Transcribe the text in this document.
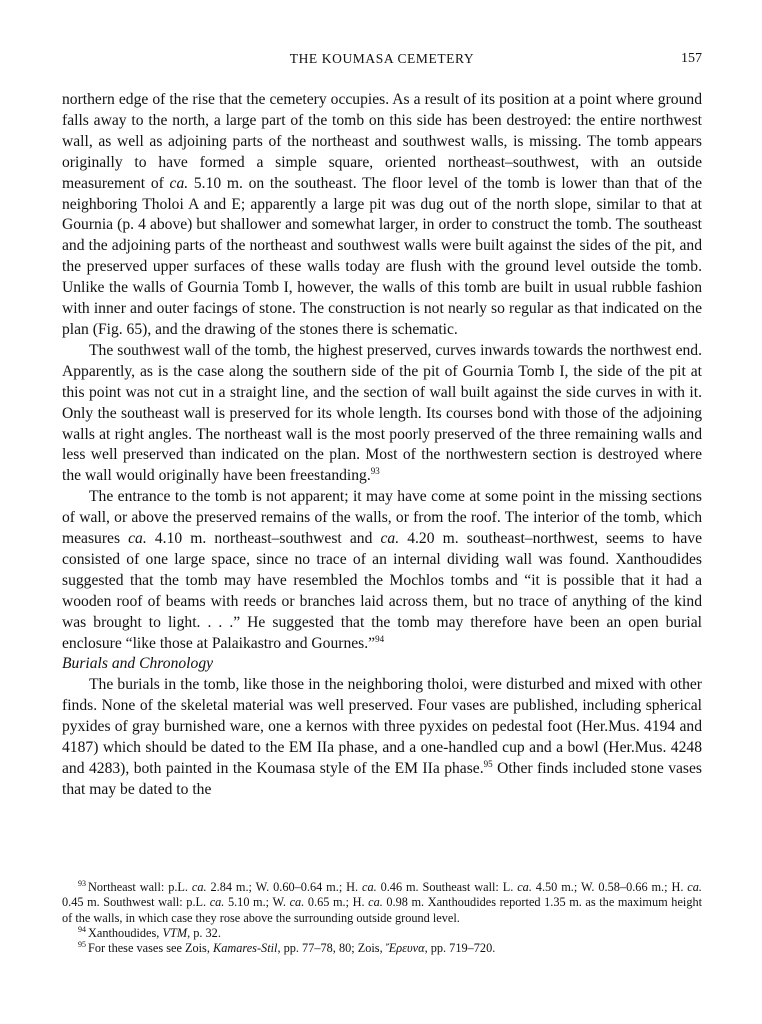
THE KOUMASA CEMETERY	157

northern edge of the rise that the cemetery occupies. As a result of its position at a point where ground falls away to the north, a large part of the tomb on this side has been destroyed: the entire northwest wall, as well as adjoining parts of the northeast and southwest walls, is missing. The tomb appears originally to have formed a simple square, oriented northeast–southwest, with an outside measurement of ca. 5.10 m. on the southeast. The floor level of the tomb is lower than that of the neighboring Tholoi A and E; apparently a large pit was dug out of the north slope, similar to that at Gournia (p. 4 above) but shallower and somewhat larger, in order to construct the tomb. The southeast and the adjoining parts of the northeast and southwest walls were built against the sides of the pit, and the preserved upper surfaces of these walls today are flush with the ground level outside the tomb. Unlike the walls of Gournia Tomb I, however, the walls of this tomb are built in usual rubble fashion with inner and outer facings of stone. The construction is not nearly so regular as that indicated on the plan (Fig. 65), and the drawing of the stones there is schematic.

The southwest wall of the tomb, the highest preserved, curves inwards towards the northwest end. Apparently, as is the case along the southern side of the pit of Gournia Tomb I, the side of the pit at this point was not cut in a straight line, and the section of wall built against the side curves in with it. Only the southeast wall is preserved for its whole length. Its courses bond with those of the adjoining walls at right angles. The northeast wall is the most poorly preserved of the three remaining walls and less well preserved than indicated on the plan. Most of the northwestern section is destroyed where the wall would originally have been freestanding.$^{93}$

The entrance to the tomb is not apparent; it may have come at some point in the missing sections of wall, or above the preserved remains of the walls, or from the roof. The interior of the tomb, which measures ca. 4.10 m. northeast–southwest and ca. 4.20 m. southeast–northwest, seems to have consisted of one large space, since no trace of an internal dividing wall was found. Xanthoudides suggested that the tomb may have resembled the Mochlos tombs and “it is possible that it had a wooden roof of beams with reeds or branches laid across them, but no trace of anything of the kind was brought to light. . . .” He suggested that the tomb may therefore have been an open burial enclosure “like those at Palaikastro and Gournes.”$^{94}$

Burials and Chronology

The burials in the tomb, like those in the neighboring tholoi, were disturbed and mixed with other finds. None of the skeletal material was well preserved. Four vases are published, including spherical pyxides of gray burnished ware, one a kernos with three pyxides on pedestal foot (Her.Mus. 4194 and 4187) which should be dated to the EM IIa phase, and a one-handled cup and a bowl (Her.Mus. 4248 and 4283), both painted in the Koumasa style of the EM IIa phase.$^{95}$ Other finds included stone vases that may be dated to the

$^{93}$ Northeast wall: p.L. ca. 2.84 m.; W. 0.60–0.64 m.; H. ca. 0.46 m. Southeast wall: L. ca. 4.50 m.; W. 0.58–0.66 m.; H. ca. 0.45 m. Southwest wall: p.L. ca. 5.10 m.; W. ca. 0.65 m.; H. ca. 0.98 m. Xanthoudides reported 1.35 m. as the maximum height of the walls, in which case they rose above the surrounding outside ground level.

$^{94}$ Xanthoudides, VTM, p. 32.

$^{95}$ For these vases see Zois, Kamares-Stil, pp. 77–78, 80; Zois, Ἔρευνα, pp. 719–720.
